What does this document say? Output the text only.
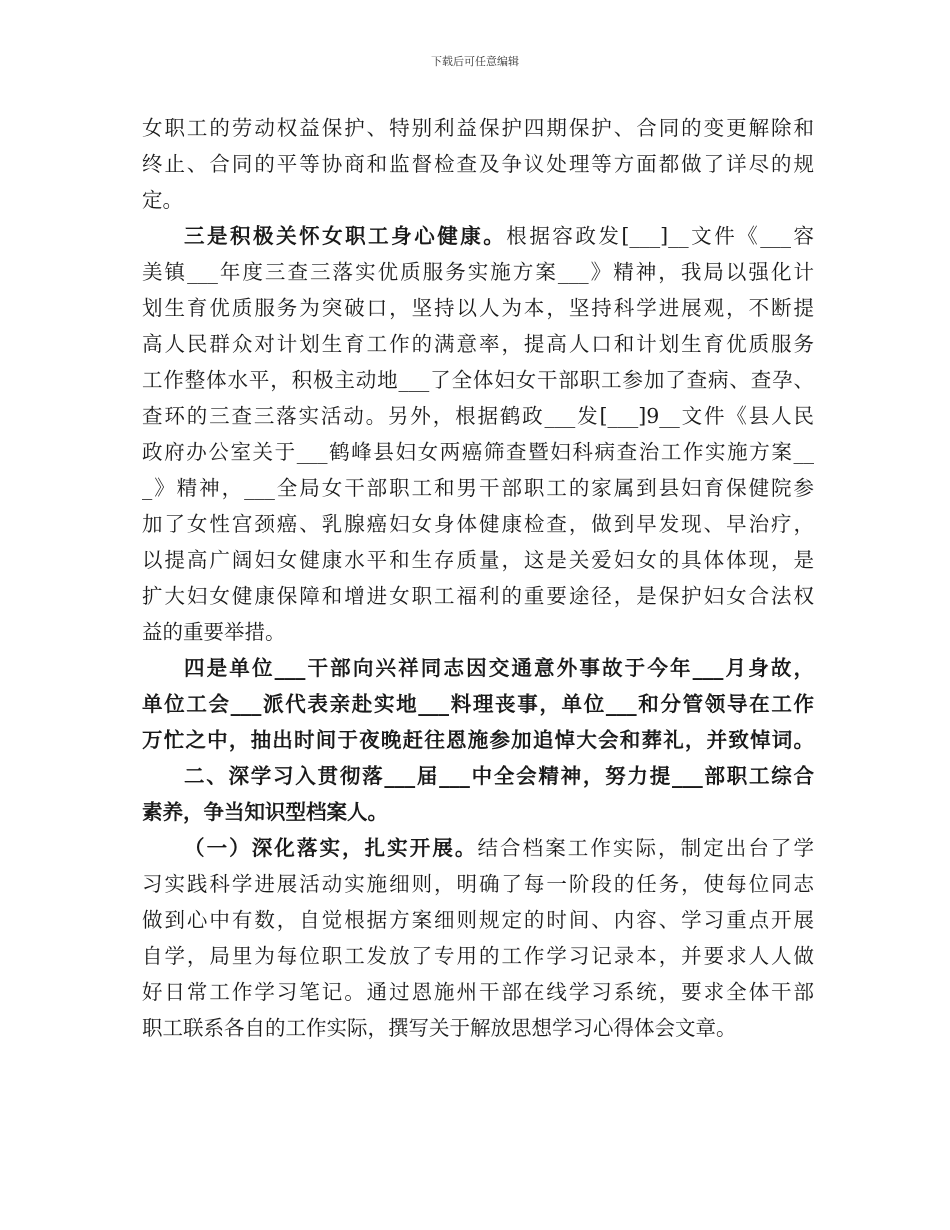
下载后可任意编辑
女职工的劳动权益保护、特别利益保护四期保护、合同的变更解除和
终止、合同的平等协商和监督检查及争议处理等方面都做了详尽的规
定。
三是积极关怀女职工身心健康。根据容政发[___]__文件《___容
美镇___年度三查三落实优质服务实施方案___》精神，我局以强化计
划生育优质服务为突破口，坚持以人为本，坚持科学进展观，不断提
高人民群众对计划生育工作的满意率，提高人口和计划生育优质服务
工作整体水平，积极主动地___了全体妇女干部职工参加了查病、查孕、
查环的三查三落实活动。另外，根据鹤政___发[___]9__文件《县人民
政府办公室关于___鹤峰县妇女两癌筛查暨妇科病查治工作实施方案__
_》精神，___全局女干部职工和男干部职工的家属到县妇育保健院参
加了女性宫颈癌、乳腺癌妇女身体健康检查，做到早发现、早治疗，
以提高广阔妇女健康水平和生存质量，这是关爱妇女的具体体现，是
扩大妇女健康保障和增进女职工福利的重要途径，是保护妇女合法权
益的重要举措。
四是单位___干部向兴祥同志因交通意外事故于今年___月身故，
单位工会___派代表亲赴实地___料理丧事，单位___和分管领导在工作
万忙之中，抽出时间于夜晚赶往恩施参加追悼大会和葬礼，并致悼词。
二、深学习入贯彻落___届___中全会精神，努力提___部职工综合
素养，争当知识型档案人。
（一）深化落实，扎实开展。结合档案工作实际，制定出台了学
习实践科学进展活动实施细则，明确了每一阶段的任务，使每位同志
做到心中有数，自觉根据方案细则规定的时间、内容、学习重点开展
自学，局里为每位职工发放了专用的工作学习记录本，并要求人人做
好日常工作学习笔记。通过恩施州干部在线学习系统，要求全体干部
职工联系各自的工作实际，撰写关于解放思想学习心得体会文章。
